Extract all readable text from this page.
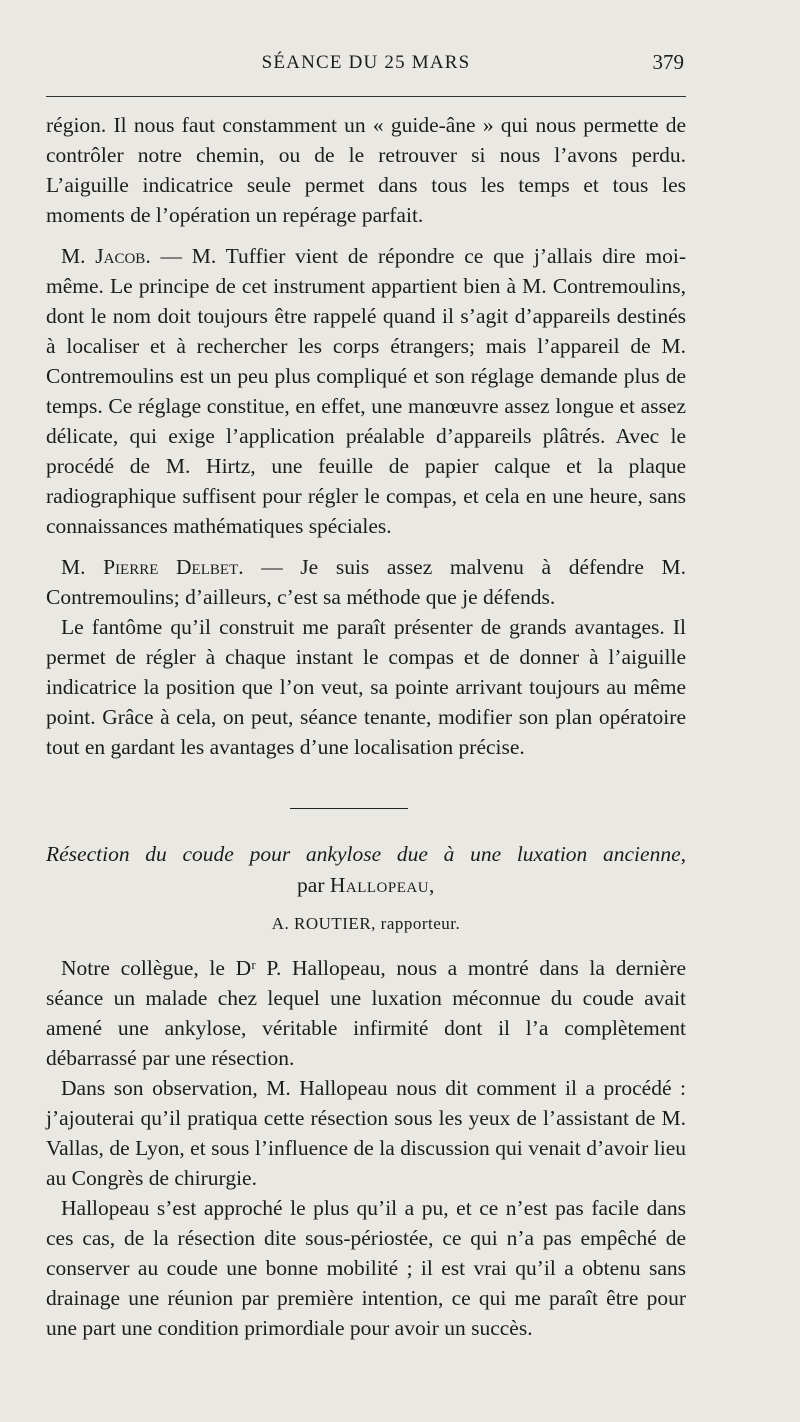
SÉANCE DU 25 MARS	379

région. Il nous faut constamment un « guide-âne » qui nous permette de contrôler notre chemin, ou de le retrouver si nous l’avons perdu. L’aiguille indicatrice seule permet dans tous les temps et tous les moments de l’opération un repérage parfait.

M. Jacob. — M. Tuffier vient de répondre ce que j’allais dire moi-même. Le principe de cet instrument appartient bien à M. Contremoulins, dont le nom doit toujours être rappelé quand il s’agit d’appareils destinés à localiser et à rechercher les corps étrangers; mais l’appareil de M. Contremoulins est un peu plus compliqué et son réglage demande plus de temps. Ce réglage constitue, en effet, une manœuvre assez longue et assez délicate, qui exige l’application préalable d’appareils plâtrés. Avec le procédé de M. Hirtz, une feuille de papier calque et la plaque radiographique suffisent pour régler le compas, et cela en une heure, sans connaissances mathématiques spéciales.

M. Pierre Delbet. — Je suis assez malvenu à défendre M. Contremoulins; d’ailleurs, c’est sa méthode que je défends.

Le fantôme qu’il construit me paraît présenter de grands avantages. Il permet de régler à chaque instant le compas et de donner à l’aiguille indicatrice la position que l’on veut, sa pointe arrivant toujours au même point. Grâce à cela, on peut, séance tenante, modifier son plan opératoire tout en gardant les avantages d’une localisation précise.

Résection du coude pour ankylose due à une luxation ancienne,
par Hallopeau,
A. ROUTIER, rapporteur.

Notre collègue, le Dʳ P. Hallopeau, nous a montré dans la dernière séance un malade chez lequel une luxation méconnue du coude avait amené une ankylose, véritable infirmité dont il l’a complètement débarrassé par une résection.

Dans son observation, M. Hallopeau nous dit comment il a procédé : j’ajouterai qu’il pratiqua cette résection sous les yeux de l’assistant de M. Vallas, de Lyon, et sous l’influence de la discussion qui venait d’avoir lieu au Congrès de chirurgie.

Hallopeau s’est approché le plus qu’il a pu, et ce n’est pas facile dans ces cas, de la résection dite sous-périostée, ce qui n’a pas empêché de conserver au coude une bonne mobilité ; il est vrai qu’il a obtenu sans drainage une réunion par première intention, ce qui me paraît être pour une part une condition primordiale pour avoir un succès.
